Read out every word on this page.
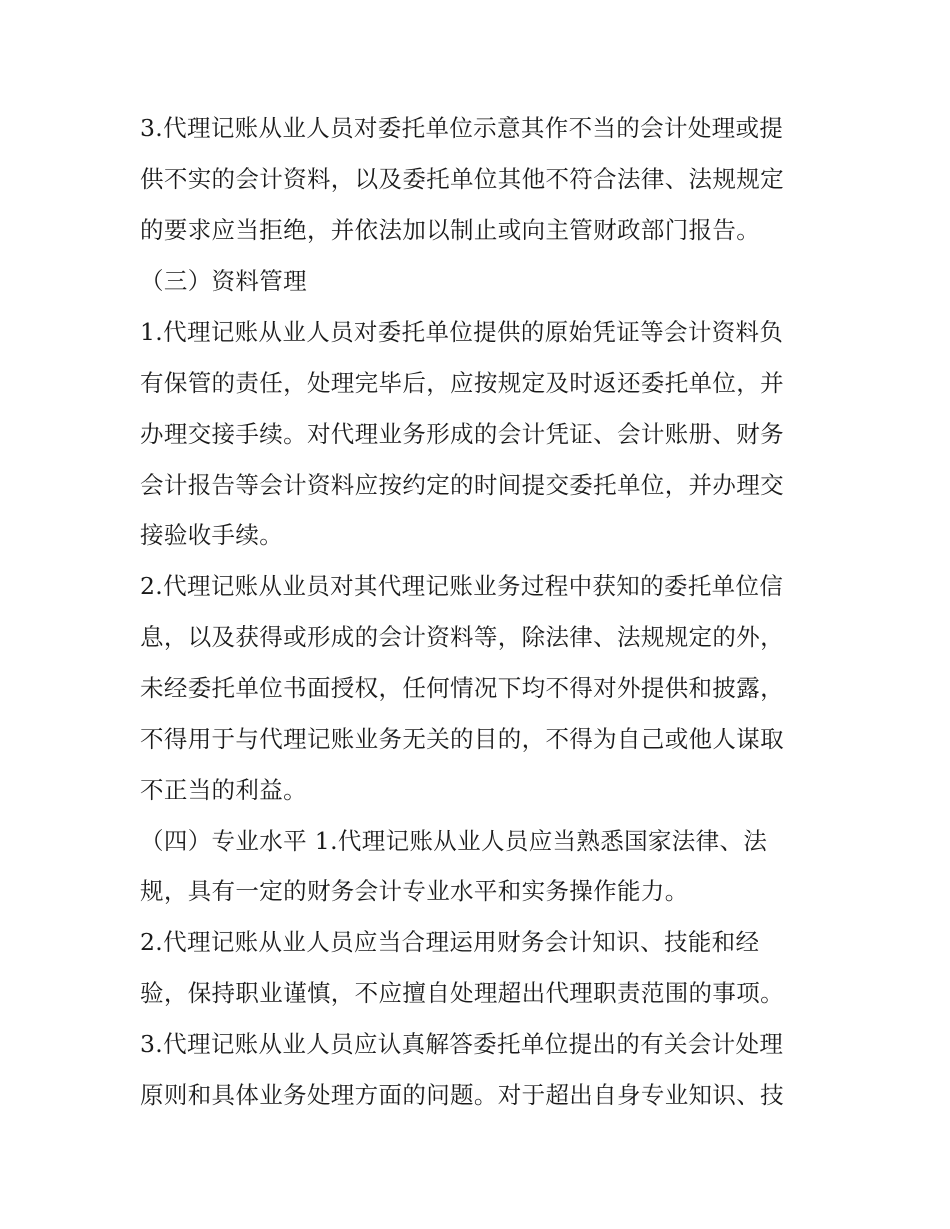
3.代理记账从业人员对委托单位示意其作不当的会计处理或提
供不实的会计资料，以及委托单位其他不符合法律、法规规定
的要求应当拒绝，并依法加以制止或向主管财政部门报告。
（三）资料管理
1.代理记账从业人员对委托单位提供的原始凭证等会计资料负
有保管的责任，处理完毕后，应按规定及时返还委托单位，并
办理交接手续。对代理业务形成的会计凭证、会计账册、财务
会计报告等会计资料应按约定的时间提交委托单位，并办理交
接验收手续。
2.代理记账从业员对其代理记账业务过程中获知的委托单位信
息，以及获得或形成的会计资料等，除法律、法规规定的外，
未经委托单位书面授权，任何情况下均不得对外提供和披露，
不得用于与代理记账业务无关的目的，不得为自己或他人谋取
不正当的利益。
（四）专业水平 1.代理记账从业人员应当熟悉国家法律、法
规，具有一定的财务会计专业水平和实务操作能力。
2.代理记账从业人员应当合理运用财务会计知识、技能和经
验，保持职业谨慎，不应擅自处理超出代理职责范围的事项。
3.代理记账从业人员应认真解答委托单位提出的有关会计处理
原则和具体业务处理方面的问题。对于超出自身专业知识、技
